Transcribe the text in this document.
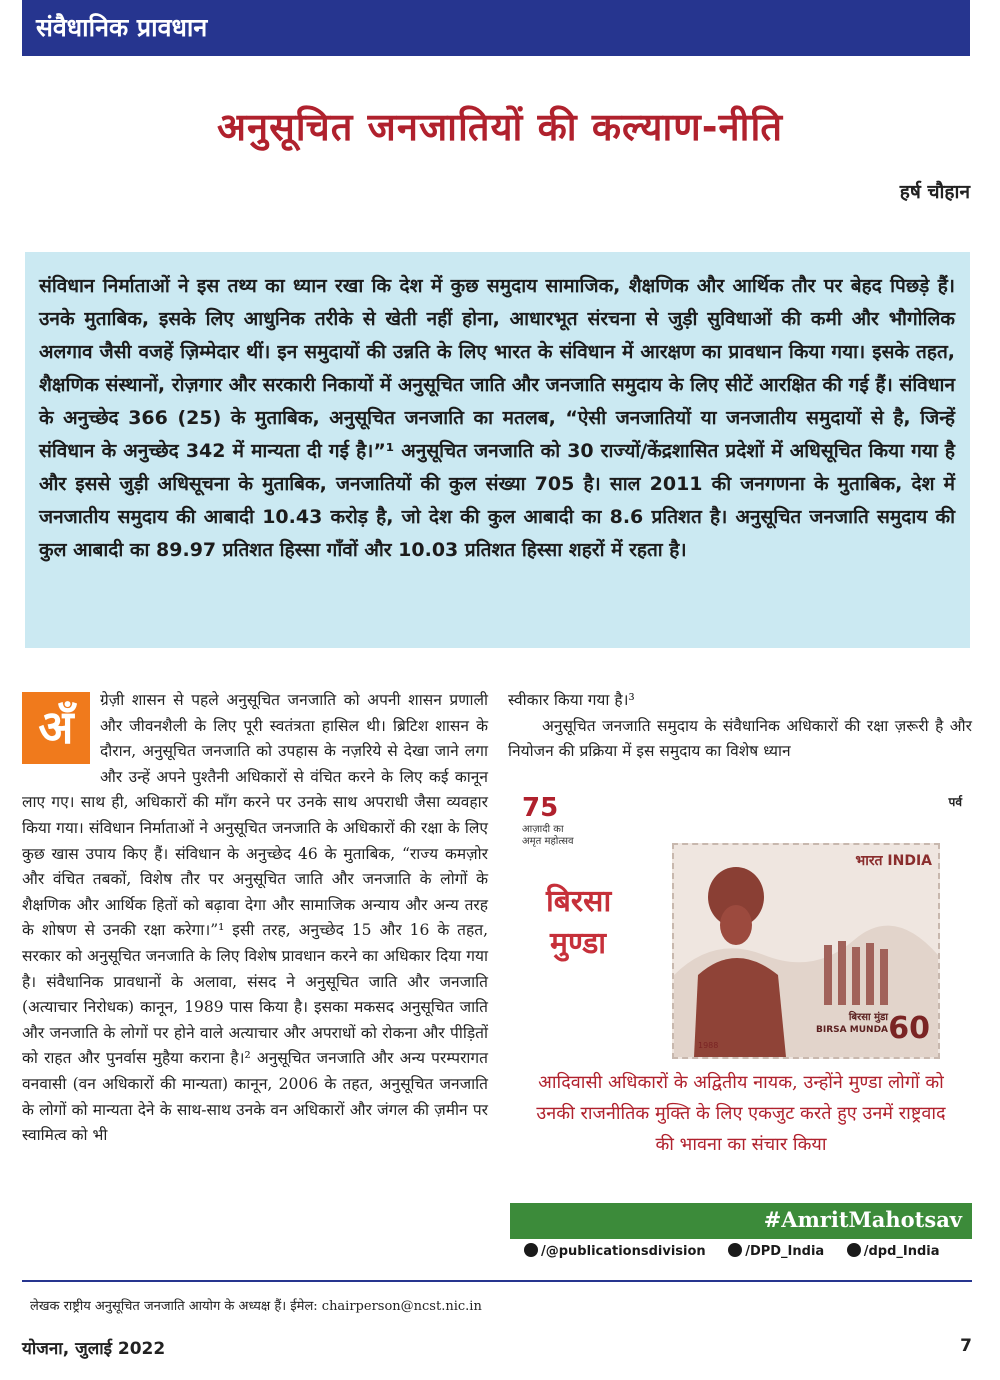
संवैधानिक प्रावधान
अनुसूचित जनजातियों की कल्याण-नीति
हर्ष चौहान
संविधान निर्माताओं ने इस तथ्य का ध्यान रखा कि देश में कुछ समुदाय सामाजिक, शैक्षणिक और आर्थिक तौर पर बेहद पिछड़े हैं। उनके मुताबिक, इसके लिए आधुनिक तरीके से खेती नहीं होना, आधारभूत संरचना से जुड़ी सुविधाओं की कमी और भौगोलिक अलगाव जैसी वजहें ज़िम्मेदार थीं। इन समुदायों की उन्नति के लिए भारत के संविधान में आरक्षण का प्रावधान किया गया। इसके तहत, शैक्षणिक संस्थानों, रोज़गार और सरकारी निकायों में अनुसूचित जाति और जनजाति समुदाय के लिए सीटें आरक्षित की गई हैं। संविधान के अनुच्छेद 366 (25) के मुताबिक, अनुसूचित जनजाति का मतलब, “ऐसी जनजातियों या जनजातीय समुदायों से है, जिन्हें संविधान के अनुच्छेद 342 में मान्यता दी गई है।”¹ अनुसूचित जनजाति को 30 राज्यों/केंद्रशासित प्रदेशों में अधिसूचित किया गया है और इससे जुड़ी अधिसूचना के मुताबिक, जनजातियों की कुल संख्या 705 है। साल 2011 की जनगणना के मुताबिक, देश में जनजातीय समुदाय की आबादी 10.43 करोड़ है, जो देश की कुल आबादी का 8.6 प्रतिशत है। अनुसूचित जनजाति समुदाय की कुल आबादी का 89.97 प्रतिशत हिस्सा गाँवों और 10.03 प्रतिशत हिस्सा शहरों में रहता है।
अँ	ग्रेज़ी शासन से पहले अनुसूचित जनजाति को अपनी शासन प्रणाली और जीवनशैली के लिए पूरी स्वतंत्रता हासिल थी। ब्रिटिश शासन के दौरान, अनुसूचित जनजाति को उपहास के नज़रिये से देखा जाने लगा और उन्हें अपने पुश्तैनी अधिकारों से वंचित करने के लिए कई कानून लाए गए। साथ ही, अधिकारों की माँग करने पर उनके साथ अपराधी जैसा व्यवहार किया गया। संविधान निर्माताओं ने अनुसूचित जनजाति के अधिकारों की रक्षा के लिए कुछ खास उपाय किए हैं। संविधान के अनुच्छेद 46 के मुताबिक, “राज्य कमज़ोर और वंचित तबकों, विशेष तौर पर अनुसूचित जाति और जनजाति के लोगों के शैक्षणिक और आर्थिक हितों को बढ़ावा देगा और सामाजिक अन्याय और अन्य तरह के शोषण से उनकी रक्षा करेगा।”¹ इसी तरह, अनुच्छेद 15 और 16 के तहत, सरकार को अनुसूचित जनजाति के लिए विशेष प्रावधान करने का अधिकार दिया गया है। संवैधानिक प्रावधानों के अलावा, संसद ने अनुसूचित जाति और जनजाति (अत्याचार निरोधक) कानून, 1989 पास किया है। इसका मकसद अनुसूचित जाति और जनजाति के लोगों पर होने वाले अत्याचार और अपराधों को रोकना और पीड़ितों को राहत और पुनर्वास मुहैया कराना है।² अनुसूचित जनजाति और अन्य परम्परागत वनवासी (वन अधिकारों की मान्यता) कानून, 2006 के तहत, अनुसूचित जनजाति के लोगों को मान्यता देने के साथ-साथ उनके वन अधिकारों और जंगल की ज़मीन पर स्वामित्व को भी

स्वीकार किया गया है।³

अनुसूचित जनजाति समुदाय के संवैधानिक अधिकारों की रक्षा ज़रूरी है और नियोजन की प्रक्रिया में इस समुदाय का विशेष ध्यान

75
आज़ादी का
अमृत महोत्सव
पर्व
बिरसा
मुण्डा
भारत INDIA
बिरसा मुंडा
BIRSA MUNDA 60
1988
आदिवासी अधिकारों के अद्वितीय नायक, उन्होंने मुण्डा लोगों को उनकी राजनीतिक मुक्ति के लिए एकजुट करते हुए उनमें राष्ट्रवाद की भावना का संचार किया
#AmritMahotsav
/@publicationsdivision	/DPD_India	/dpd_India
लेखक राष्ट्रीय अनुसूचित जनजाति आयोग के अध्यक्ष हैं। ईमेल: chairperson@ncst.nic.in
योजना, जुलाई 2022	7
